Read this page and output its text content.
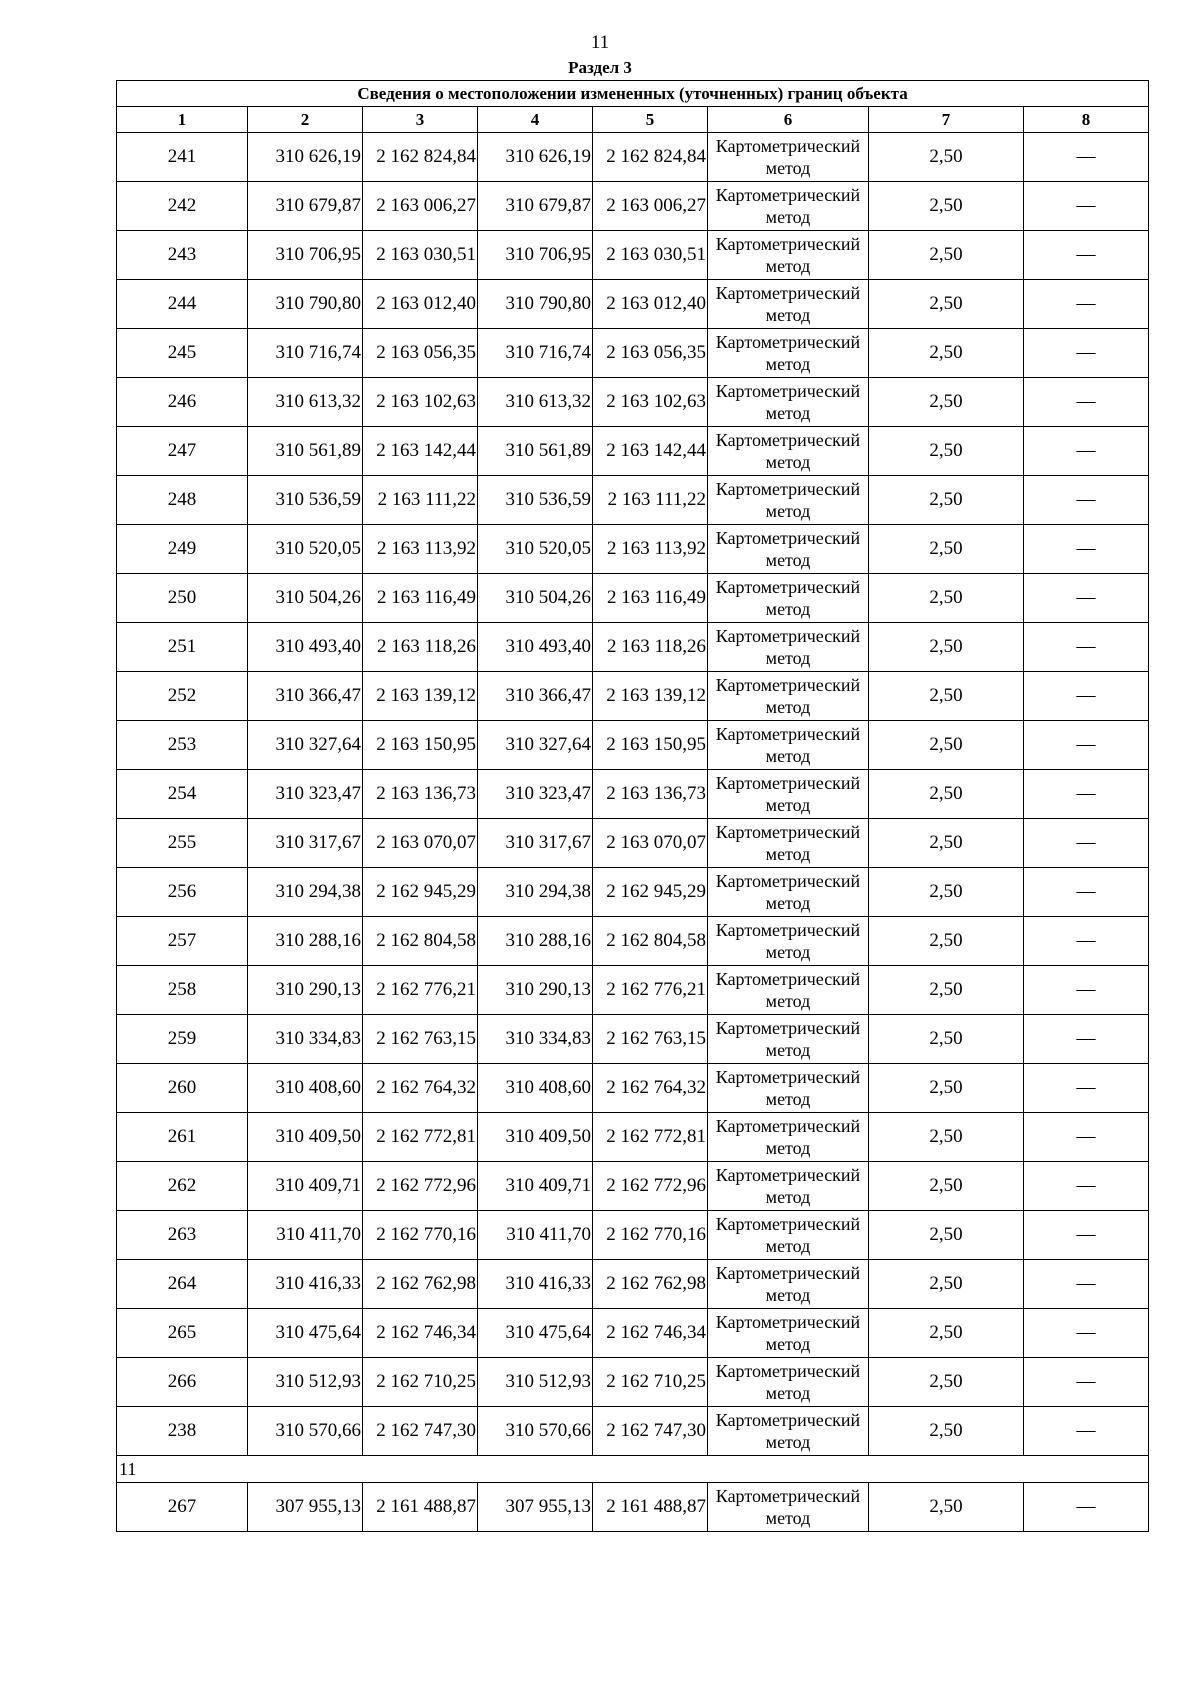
11
Раздел 3
Сведения о местоположении измененных (уточненных) границ объекта							
1	2	3	4	5	6	7	8
241	310 626,19	2 162 824,84	310 626,19	2 162 824,84	Картометрический метод	2,50	—
242	310 679,87	2 163 006,27	310 679,87	2 163 006,27	Картометрический метод	2,50	—
243	310 706,95	2 163 030,51	310 706,95	2 163 030,51	Картометрический метод	2,50	—
244	310 790,80	2 163 012,40	310 790,80	2 163 012,40	Картометрический метод	2,50	—
245	310 716,74	2 163 056,35	310 716,74	2 163 056,35	Картометрический метод	2,50	—
246	310 613,32	2 163 102,63	310 613,32	2 163 102,63	Картометрический метод	2,50	—
247	310 561,89	2 163 142,44	310 561,89	2 163 142,44	Картометрический метод	2,50	—
248	310 536,59	2 163 111,22	310 536,59	2 163 111,22	Картометрический метод	2,50	—
249	310 520,05	2 163 113,92	310 520,05	2 163 113,92	Картометрический метод	2,50	—
250	310 504,26	2 163 116,49	310 504,26	2 163 116,49	Картометрический метод	2,50	—
251	310 493,40	2 163 118,26	310 493,40	2 163 118,26	Картометрический метод	2,50	—
252	310 366,47	2 163 139,12	310 366,47	2 163 139,12	Картометрический метод	2,50	—
253	310 327,64	2 163 150,95	310 327,64	2 163 150,95	Картометрический метод	2,50	—
254	310 323,47	2 163 136,73	310 323,47	2 163 136,73	Картометрический метод	2,50	—
255	310 317,67	2 163 070,07	310 317,67	2 163 070,07	Картометрический метод	2,50	—
256	310 294,38	2 162 945,29	310 294,38	2 162 945,29	Картометрический метод	2,50	—
257	310 288,16	2 162 804,58	310 288,16	2 162 804,58	Картометрический метод	2,50	—
258	310 290,13	2 162 776,21	310 290,13	2 162 776,21	Картометрический метод	2,50	—
259	310 334,83	2 162 763,15	310 334,83	2 162 763,15	Картометрический метод	2,50	—
260	310 408,60	2 162 764,32	310 408,60	2 162 764,32	Картометрический метод	2,50	—
261	310 409,50	2 162 772,81	310 409,50	2 162 772,81	Картометрический метод	2,50	—
262	310 409,71	2 162 772,96	310 409,71	2 162 772,96	Картометрический метод	2,50	—
263	310 411,70	2 162 770,16	310 411,70	2 162 770,16	Картометрический метод	2,50	—
264	310 416,33	2 162 762,98	310 416,33	2 162 762,98	Картометрический метод	2,50	—
265	310 475,64	2 162 746,34	310 475,64	2 162 746,34	Картометрический метод	2,50	—
266	310 512,93	2 162 710,25	310 512,93	2 162 710,25	Картометрический метод	2,50	—
238	310 570,66	2 162 747,30	310 570,66	2 162 747,30	Картометрический метод	2,50	—
11							
267	307 955,13	2 161 488,87	307 955,13	2 161 488,87	Картометрический метод	2,50	—
